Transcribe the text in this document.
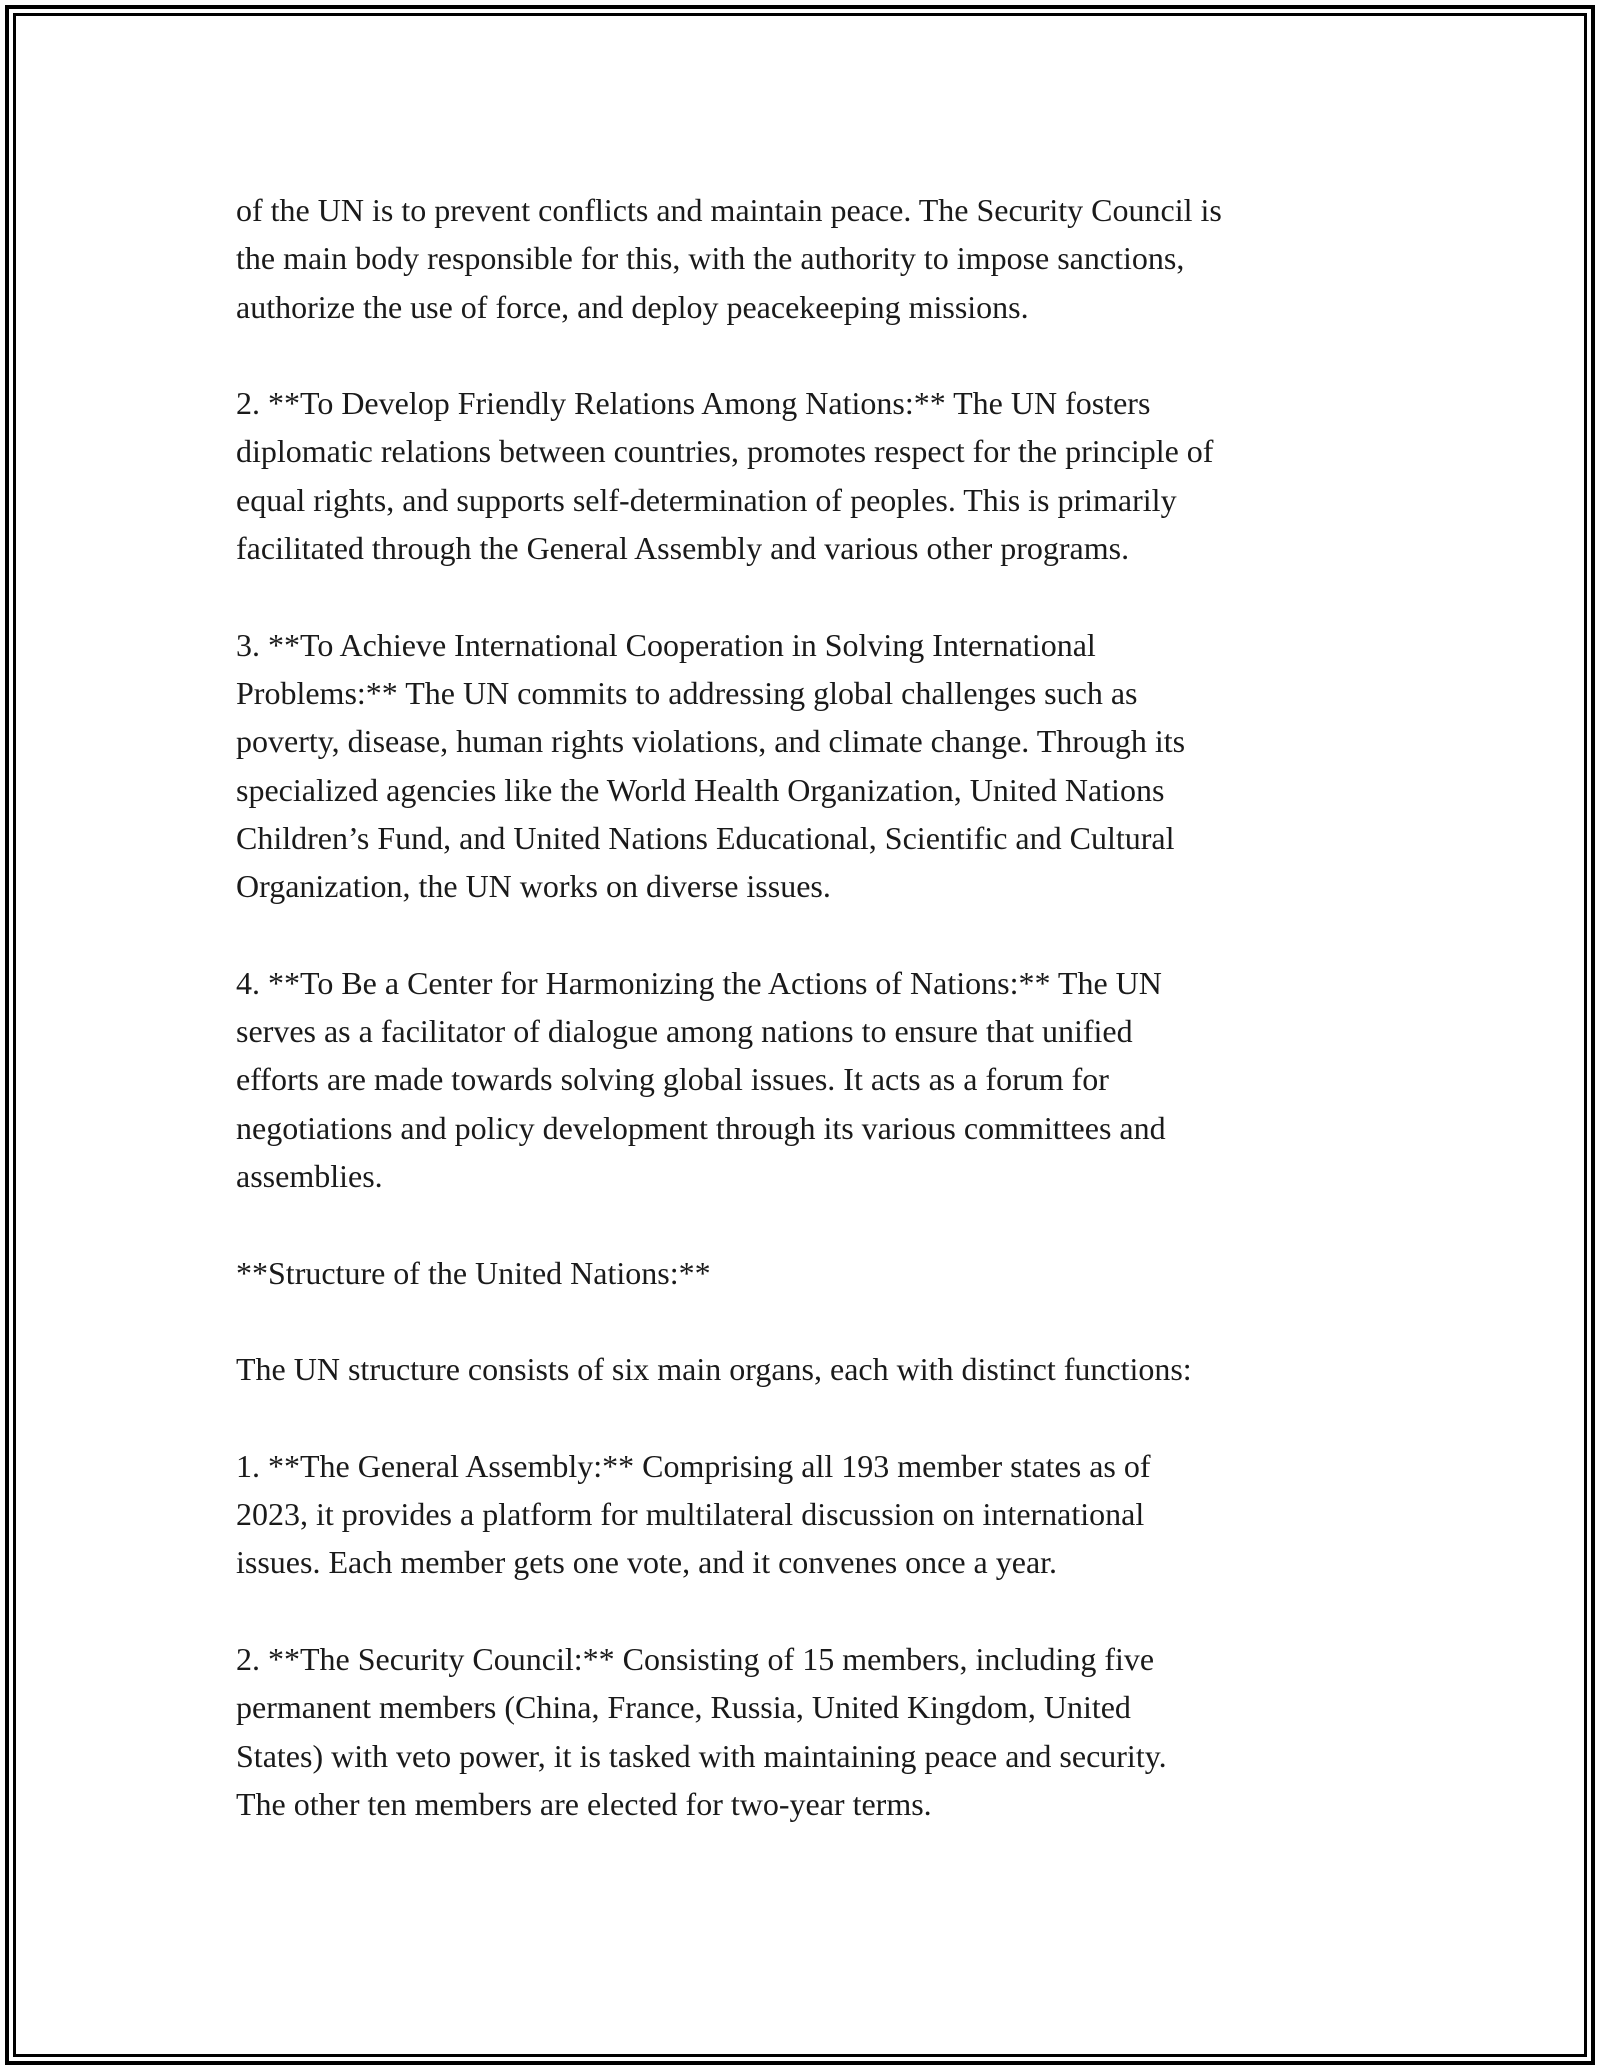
of the UN is to prevent conflicts and maintain peace. The Security Council is
the main body responsible for this, with the authority to impose sanctions,
authorize the use of force, and deploy peacekeeping missions.

2. **To Develop Friendly Relations Among Nations:** The UN fosters
diplomatic relations between countries, promotes respect for the principle of
equal rights, and supports self-determination of peoples. This is primarily
facilitated through the General Assembly and various other programs.

3. **To Achieve International Cooperation in Solving International
Problems:** The UN commits to addressing global challenges such as
poverty, disease, human rights violations, and climate change. Through its
specialized agencies like the World Health Organization, United Nations
Children’s Fund, and United Nations Educational, Scientific and Cultural
Organization, the UN works on diverse issues.

4. **To Be a Center for Harmonizing the Actions of Nations:** The UN
serves as a facilitator of dialogue among nations to ensure that unified
efforts are made towards solving global issues. It acts as a forum for
negotiations and policy development through its various committees and
assemblies.

**Structure of the United Nations:**

The UN structure consists of six main organs, each with distinct functions:

1. **The General Assembly:** Comprising all 193 member states as of
2023, it provides a platform for multilateral discussion on international
issues. Each member gets one vote, and it convenes once a year.

2. **The Security Council:** Consisting of 15 members, including five
permanent members (China, France, Russia, United Kingdom, United
States) with veto power, it is tasked with maintaining peace and security.
The other ten members are elected for two-year terms.
